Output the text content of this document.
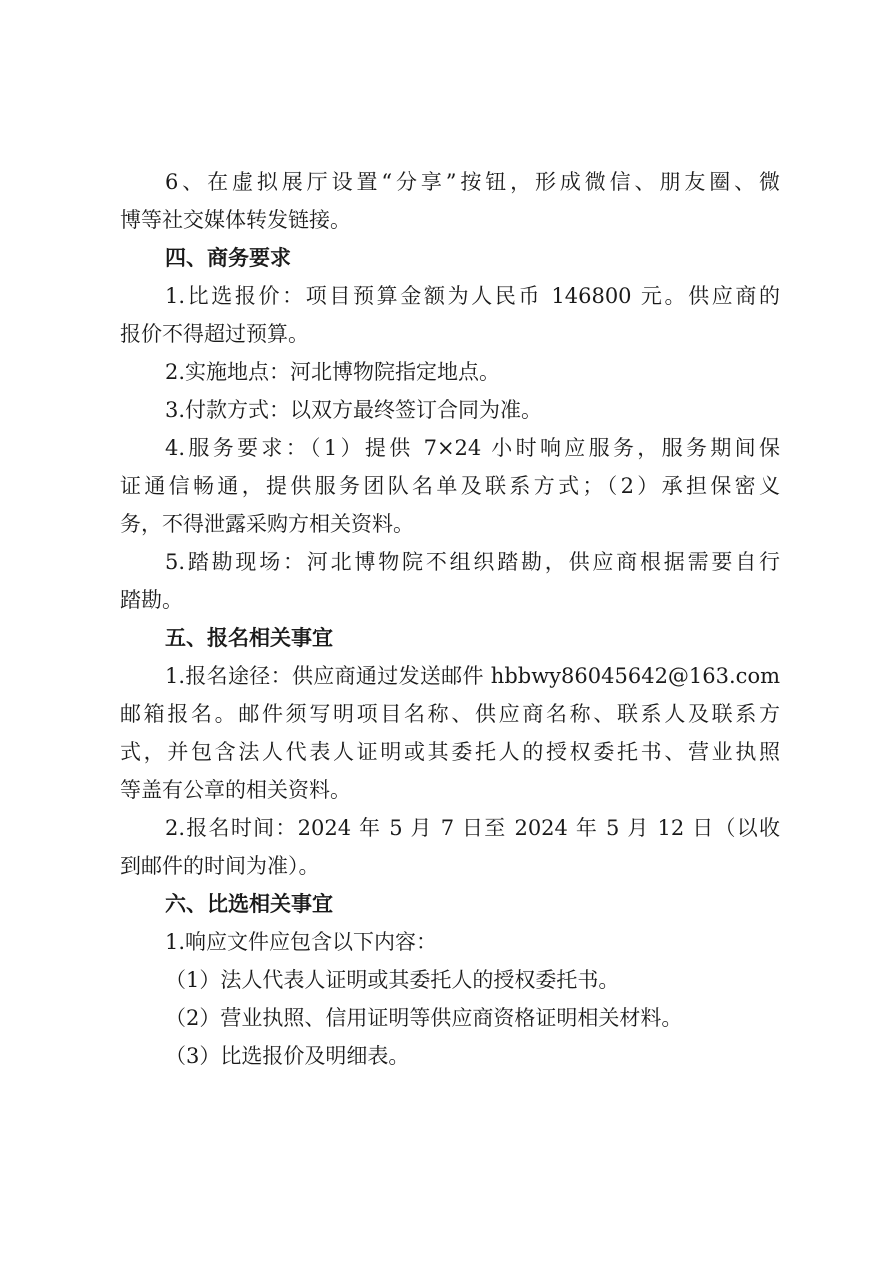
6、在虚拟展厅设置“分享”按钮，形成微信、朋友圈、微
博等社交媒体转发链接。
四、商务要求
1.比选报价：项目预算金额为人民币 146800 元。供应商的
报价不得超过预算。
2.实施地点：河北博物院指定地点。
3.付款方式：以双方最终签订合同为准。
4.服务要求：（1）提供 7×24 小时响应服务，服务期间保
证通信畅通，提供服务团队名单及联系方式；（2）承担保密义
务，不得泄露采购方相关资料。
5.踏勘现场：河北博物院不组织踏勘，供应商根据需要自行
踏勘。
五、报名相关事宜
1.报名途径：供应商通过发送邮件 hbbwy86045642@163.com
邮箱报名。邮件须写明项目名称、供应商名称、联系人及联系方
式，并包含法人代表人证明或其委托人的授权委托书、营业执照
等盖有公章的相关资料。
2.报名时间：2024 年 5 月 7 日至 2024 年 5 月 12 日（以收
到邮件的时间为准）。
六、比选相关事宜
1.响应文件应包含以下内容：
（1）法人代表人证明或其委托人的授权委托书。
（2）营业执照、信用证明等供应商资格证明相关材料。
（3）比选报价及明细表。
